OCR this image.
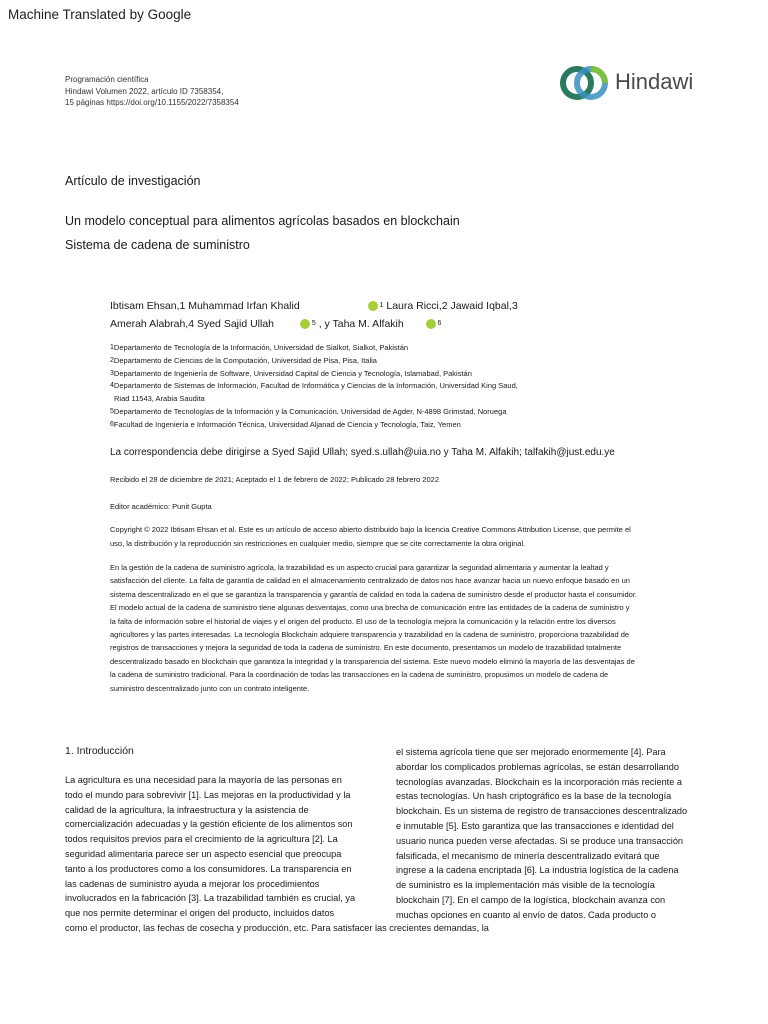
Machine Translated by Google
Programación científica
Hindawi Volumen 2022, artículo ID 7358354,
15 páginas https://doi.org/10.1155/2022/7358354
Hindawi
Artículo de investigación
Un modelo conceptual para alimentos agrícolas basados en blockchain
Sistema de cadena de suministro
Ibtisam Ehsan,1 Muhammad Irfan Khalid	$^1$ Laura Ricci,2 Jawaid Iqbal,3
Amerah Alabrah,4 Syed Sajid Ullah	$^5$ , y Taha M. Alfakih	$^6$
1Departamento de Tecnología de la Información, Universidad de Sialkot, Sialkot, Pakistán
2Departamento de Ciencias de la Computación, Universidad de Pisa, Pisa, Italia
3Departamento de Ingeniería de Software, Universidad Capital de Ciencia y Tecnología, Islamabad, Pakistán
4Departamento de Sistemas de Información, Facultad de Informática y Ciencias de la Información, Universidad King Saud,
Riad 11543, Arabia Saudita
5Departamento de Tecnologías de la Información y la Comunicación, Universidad de Agder, N-4898 Grimstad, Noruega
6Facultad de Ingeniería e Información Técnica, Universidad Aljanad de Ciencia y Tecnología, Taiz, Yemen
La correspondencia debe dirigirse a Syed Sajid Ullah; syed.s.ullah@uia.no y Taha M. Alfakih; talfakih@just.edu.ye
Recibido el 28 de diciembre de 2021; Aceptado el 1 de febrero de 2022; Publicado 28 febrero 2022
Editor académico: Punit Gupta
Copyright © 2022 Ibtisam Ehsan et al. Este es un artículo de acceso abierto distribuido bajo la licencia Creative Commons Attribution License, que permite el
uso, la distribución y la reproducción sin restricciones en cualquier medio, siempre que se cite correctamente la obra original.
En la gestión de la cadena de suministro agrícola, la trazabilidad es un aspecto crucial para garantizar la seguridad alimentaria y aumentar la lealtad y
satisfacción del cliente. La falta de garantía de calidad en el almacenamiento centralizado de datos nos hace avanzar hacia un nuevo enfoque basado en un
sistema descentralizado en el que se garantiza la transparencia y garantía de calidad en toda la cadena de suministro desde el productor hasta el consumidor.
El modelo actual de la cadena de suministro tiene algunas desventajas, como una brecha de comunicación entre las entidades de la cadena de suministro y
la falta de información sobre el historial de viajes y el origen del producto. El uso de la tecnología mejora la comunicación y la relación entre los diversos
agricultores y las partes interesadas. La tecnología Blockchain adquiere transparencia y trazabilidad en la cadena de suministro, proporciona trazabilidad de
registros de transacciones y mejora la seguridad de toda la cadena de suministro. En este documento, presentamos un modelo de trazabilidad totalmente
descentralizado basado en blockchain que garantiza la integridad y la transparencia del sistema. Este nuevo modelo eliminó la mayoría de las desventajas de
la cadena de suministro tradicional. Para la coordinación de todas las transacciones en la cadena de suministro, propusimos un modelo de cadena de
suministro descentralizado junto con un contrato inteligente.
1. Introducción
La agricultura es una necesidad para la mayoría de las personas en
todo el mundo para sobrevivir [1]. Las mejoras en la productividad y la
calidad de la agricultura, la infraestructura y la asistencia de
comercialización adecuadas y la gestión eficiente de los alimentos son
todos requisitos previos para el crecimiento de la agricultura [2]. La
seguridad alimentaria parece ser un aspecto esencial que preocupa
tanto a los productores como a los consumidores. La transparencia en
las cadenas de suministro ayuda a mejorar los procedimientos
involucrados en la fabricación [3]. La trazabilidad también es crucial, ya
que nos permite determinar el origen del producto, incluidos datos
como el productor, las fechas de cosecha y producción, etc. Para satisfacer las crecientes demandas, la
el sistema agrícola tiene que ser mejorado enormemente [4]. Para
abordar los complicados problemas agrícolas, se están desarrollando
tecnologías avanzadas. Blockchain es la incorporación más reciente a
estas tecnologías. Un hash criptográfico es la base de la tecnología
blockchain. Es un sistema de registro de transacciones descentralizado
e inmutable [5]. Esto garantiza que las transacciones e identidad del
usuario nunca pueden verse afectadas. Si se produce una transacción
falsificada, el mecanismo de minería descentralizado evitará que
ingrese a la cadena encriptada [6]. La industria logística de la cadena
de suministro es la implementación más visible de la tecnología
blockchain [7]. En el campo de la logística, blockchain avanza con
muchas opciones en cuanto al envío de datos. Cada producto o
